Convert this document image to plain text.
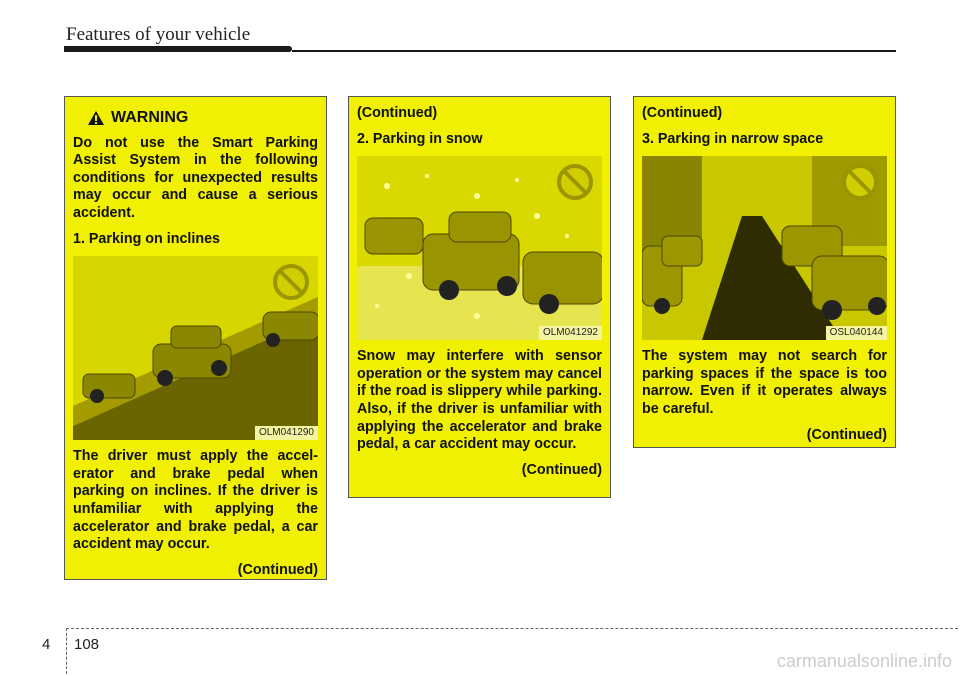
Features of your vehicle
WARNING

Do not use the Smart Parking Assist System in the following conditions for unexpected results may occur and cause a serious accident.

1. Parking on inclines

OLM041290

The driver must apply the accel-erator and brake pedal when parking on inclines. If the driver is unfamiliar with applying the accelerator and brake pedal, a car accident may occur.

(Continued)

(Continued)

2. Parking in snow

OLM041292

Snow may interfere with sensor operation or the system may cancel if the road is slippery while parking. Also, if the driver is unfamiliar with applying the accelerator and brake pedal, a car accident may occur.

(Continued)

(Continued)

3. Parking in narrow space

OSL040144

The system may not search for parking spaces if the space is too narrow. Even if it operates always be careful.

(Continued)

4 108
carmanualsonline.info
